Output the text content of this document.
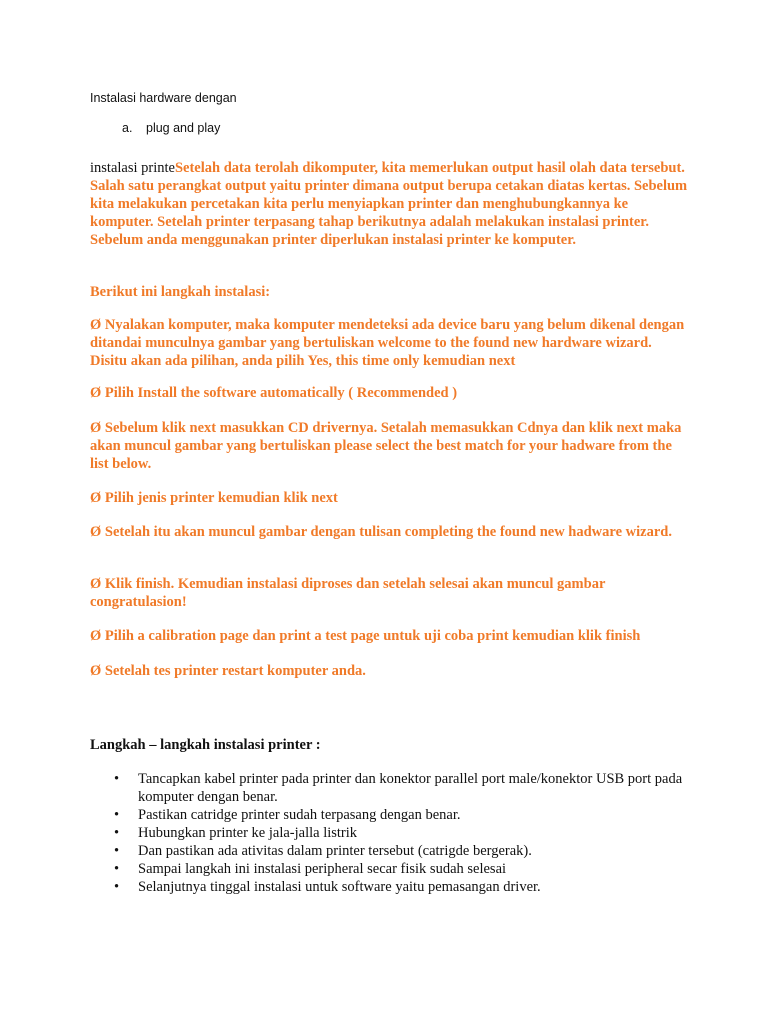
Instalasi hardware dengan

a. plug and play

instalasi printeSetelah data terolah dikomputer, kita memerlukan output hasil olah data tersebut. Salah satu perangkat output yaitu printer dimana output berupa cetakan diatas kertas. Sebelum kita melakukan percetakan kita perlu menyiapkan printer dan menghubungkannya ke komputer. Setelah printer terpasang tahap berikutnya adalah melakukan instalasi printer. Sebelum anda menggunakan printer diperlukan instalasi printer ke komputer.

Berikut ini langkah instalasi:

Ø Nyalakan komputer, maka komputer mendeteksi ada device baru yang belum dikenal dengan ditandai munculnya gambar yang bertuliskan welcome to the found new hardware wizard. Disitu akan ada pilihan, anda pilih Yes, this time only kemudian next

Ø Pilih Install the software automatically ( Recommended )

Ø Sebelum klik next masukkan CD drivernya. Setalah memasukkan Cdnya dan klik next maka akan muncul gambar yang bertuliskan please select the best match for your hadware from the list below.

Ø Pilih jenis printer kemudian klik next

Ø Setelah itu akan muncul gambar dengan tulisan completing the found new hadware wizard.

Ø Klik finish. Kemudian instalasi diproses dan setelah selesai akan muncul gambar congratulasion!

Ø Pilih a calibration page dan print a test page untuk uji coba print kemudian klik finish

Ø Setelah tes printer restart komputer anda.

Langkah – langkah instalasi printer :

• Tancapkan kabel printer pada printer dan konektor parallel port male/konektor USB port pada komputer dengan benar.
• Pastikan catridge printer sudah terpasang dengan benar.
• Hubungkan printer ke jala-jalla listrik
• Dan pastikan ada ativitas dalam printer tersebut (catrigde bergerak).
• Sampai langkah ini instalasi peripheral secar fisik sudah selesai
• Selanjutnya tinggal instalasi untuk software yaitu pemasangan driver.
